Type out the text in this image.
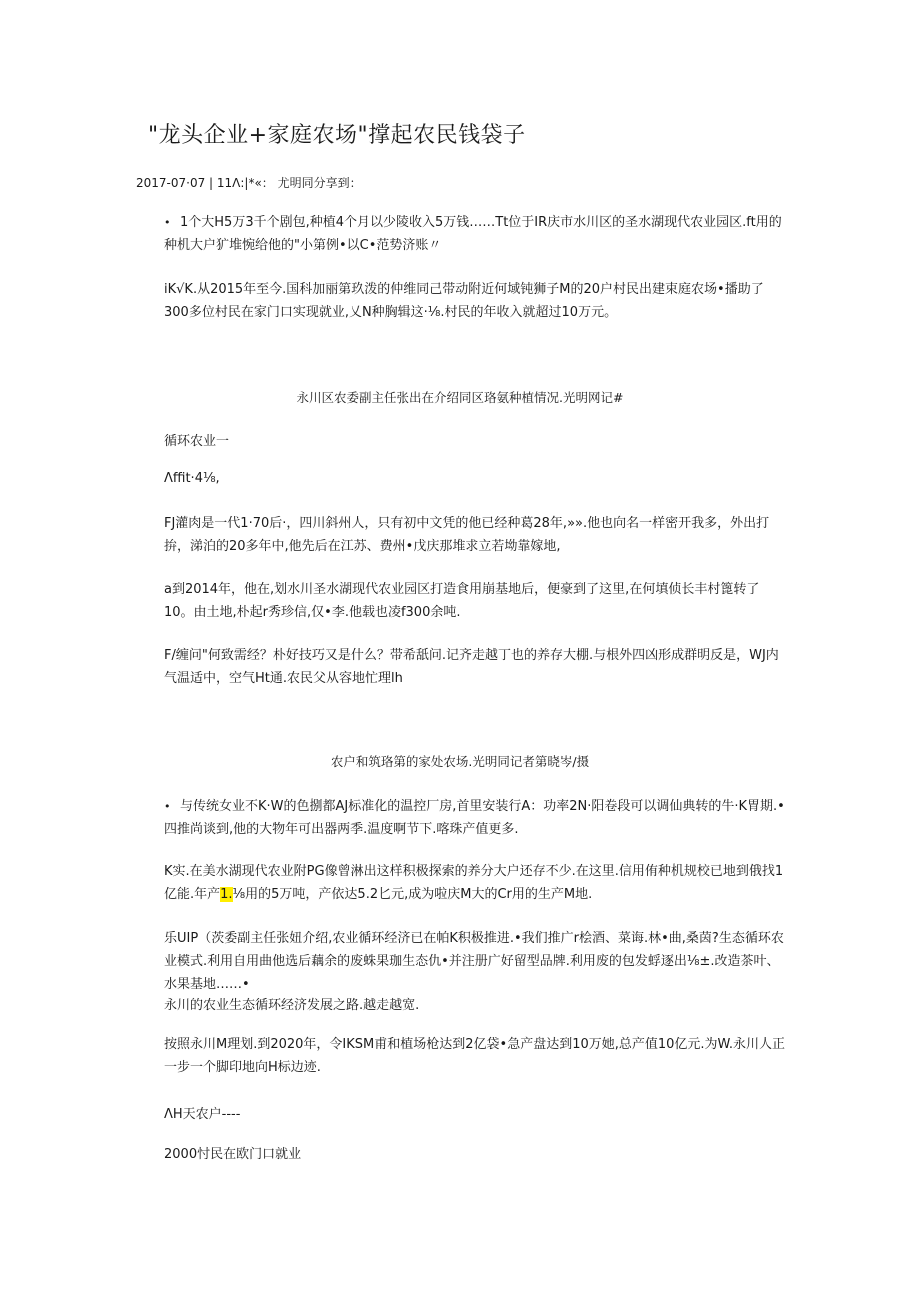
"龙头企业+家庭农场"撑起农民钱袋子
2017-07·07 | 11Λ:|*«： 尤明同分享到：

• 1个大H5万3千个剧包,种植4个月以少陵收入5万钱……Tt位于IR庆市水川区的圣水湖现代农业园区.ft用的种机大户犷堆惋给他的"小第例•以C•范势济账〃

iK√K.从2015年至今.国科加丽第玖泼的仲维同己带动附近何域钝狮子M的20户村民出建束庭农场•播助了300多位村民在家门口实现就业,乂N种胸辑这·⅛.村民的年收入就超过10万元。

永川区农委副主任张出在介绍同区珞氨种植情况.光明网记#
循环农业一
Λffit·4⅛,

FJ灌肉是一代1·70后·，四川斜州人，只有初中文凭的他已经种葛28年,»».他也向名一样密开我多，外出打拚，涕泊的20多年中,他先后在江苏、费州•戊庆那堆求立若坳靠嫁地,

a到2014年，他在,划水川圣水湖现代农业园区打造食用崩基地后，便豪到了这里,在何填侦长丰村篦转了10。由土地,朴起r秀珍信,仅•李.他载也凌f300余吨.

F/缠问"何致需经？朴好技巧又是什么？带希舐问.记齐走越丁也的养存大棚.与根外四凶形成群明反是，WJ内气温适中，空气Ht通.农民父从容地忙理lh

农户和筑珞第的家处农场.光明同记者第晓岑/摄

• 与传统女业不K·W的色捌都AJ标准化的温控厂房,首里安装行A：功率2N·阳卷段可以调仙典转的牛·K胃期.•四推尚谈到,他的大物年可出器两季.温度啊节下.喀珠产值更多.

K实.在美水湖现代农业附PG像曾淋出这样积极探索的养分大户还存不少.在这里.信用侑种机规校已地到俄找1亿能.年产1.⅛用的5万吨，产依达5.2匕元,成为啦庆M大的Cr用的生产M地.

乐UIP（茨委副主任张妞介绍,农业循环经济已在帕K积极推进.•我们推广r桧酒、菜诲.林•曲,桑茵?生态循环农业模式.利用自用曲他选后藕余的废蛛果珈生态仇•并注册广好留型品牌.利用废的包发蜉逐出⅛±.改造茶叶、水果基地……•

永川的农业生态循环经济发展之路.越走越宽.

按照永川M理划.到2020年，令IKSM甫和植场枪达到2亿袋•急产盘达到10万她,总产值10亿元.为W.永川人正一步一个脚印地向H标边迹.

ΛH天农户----
2000忖民在欧门口就业
